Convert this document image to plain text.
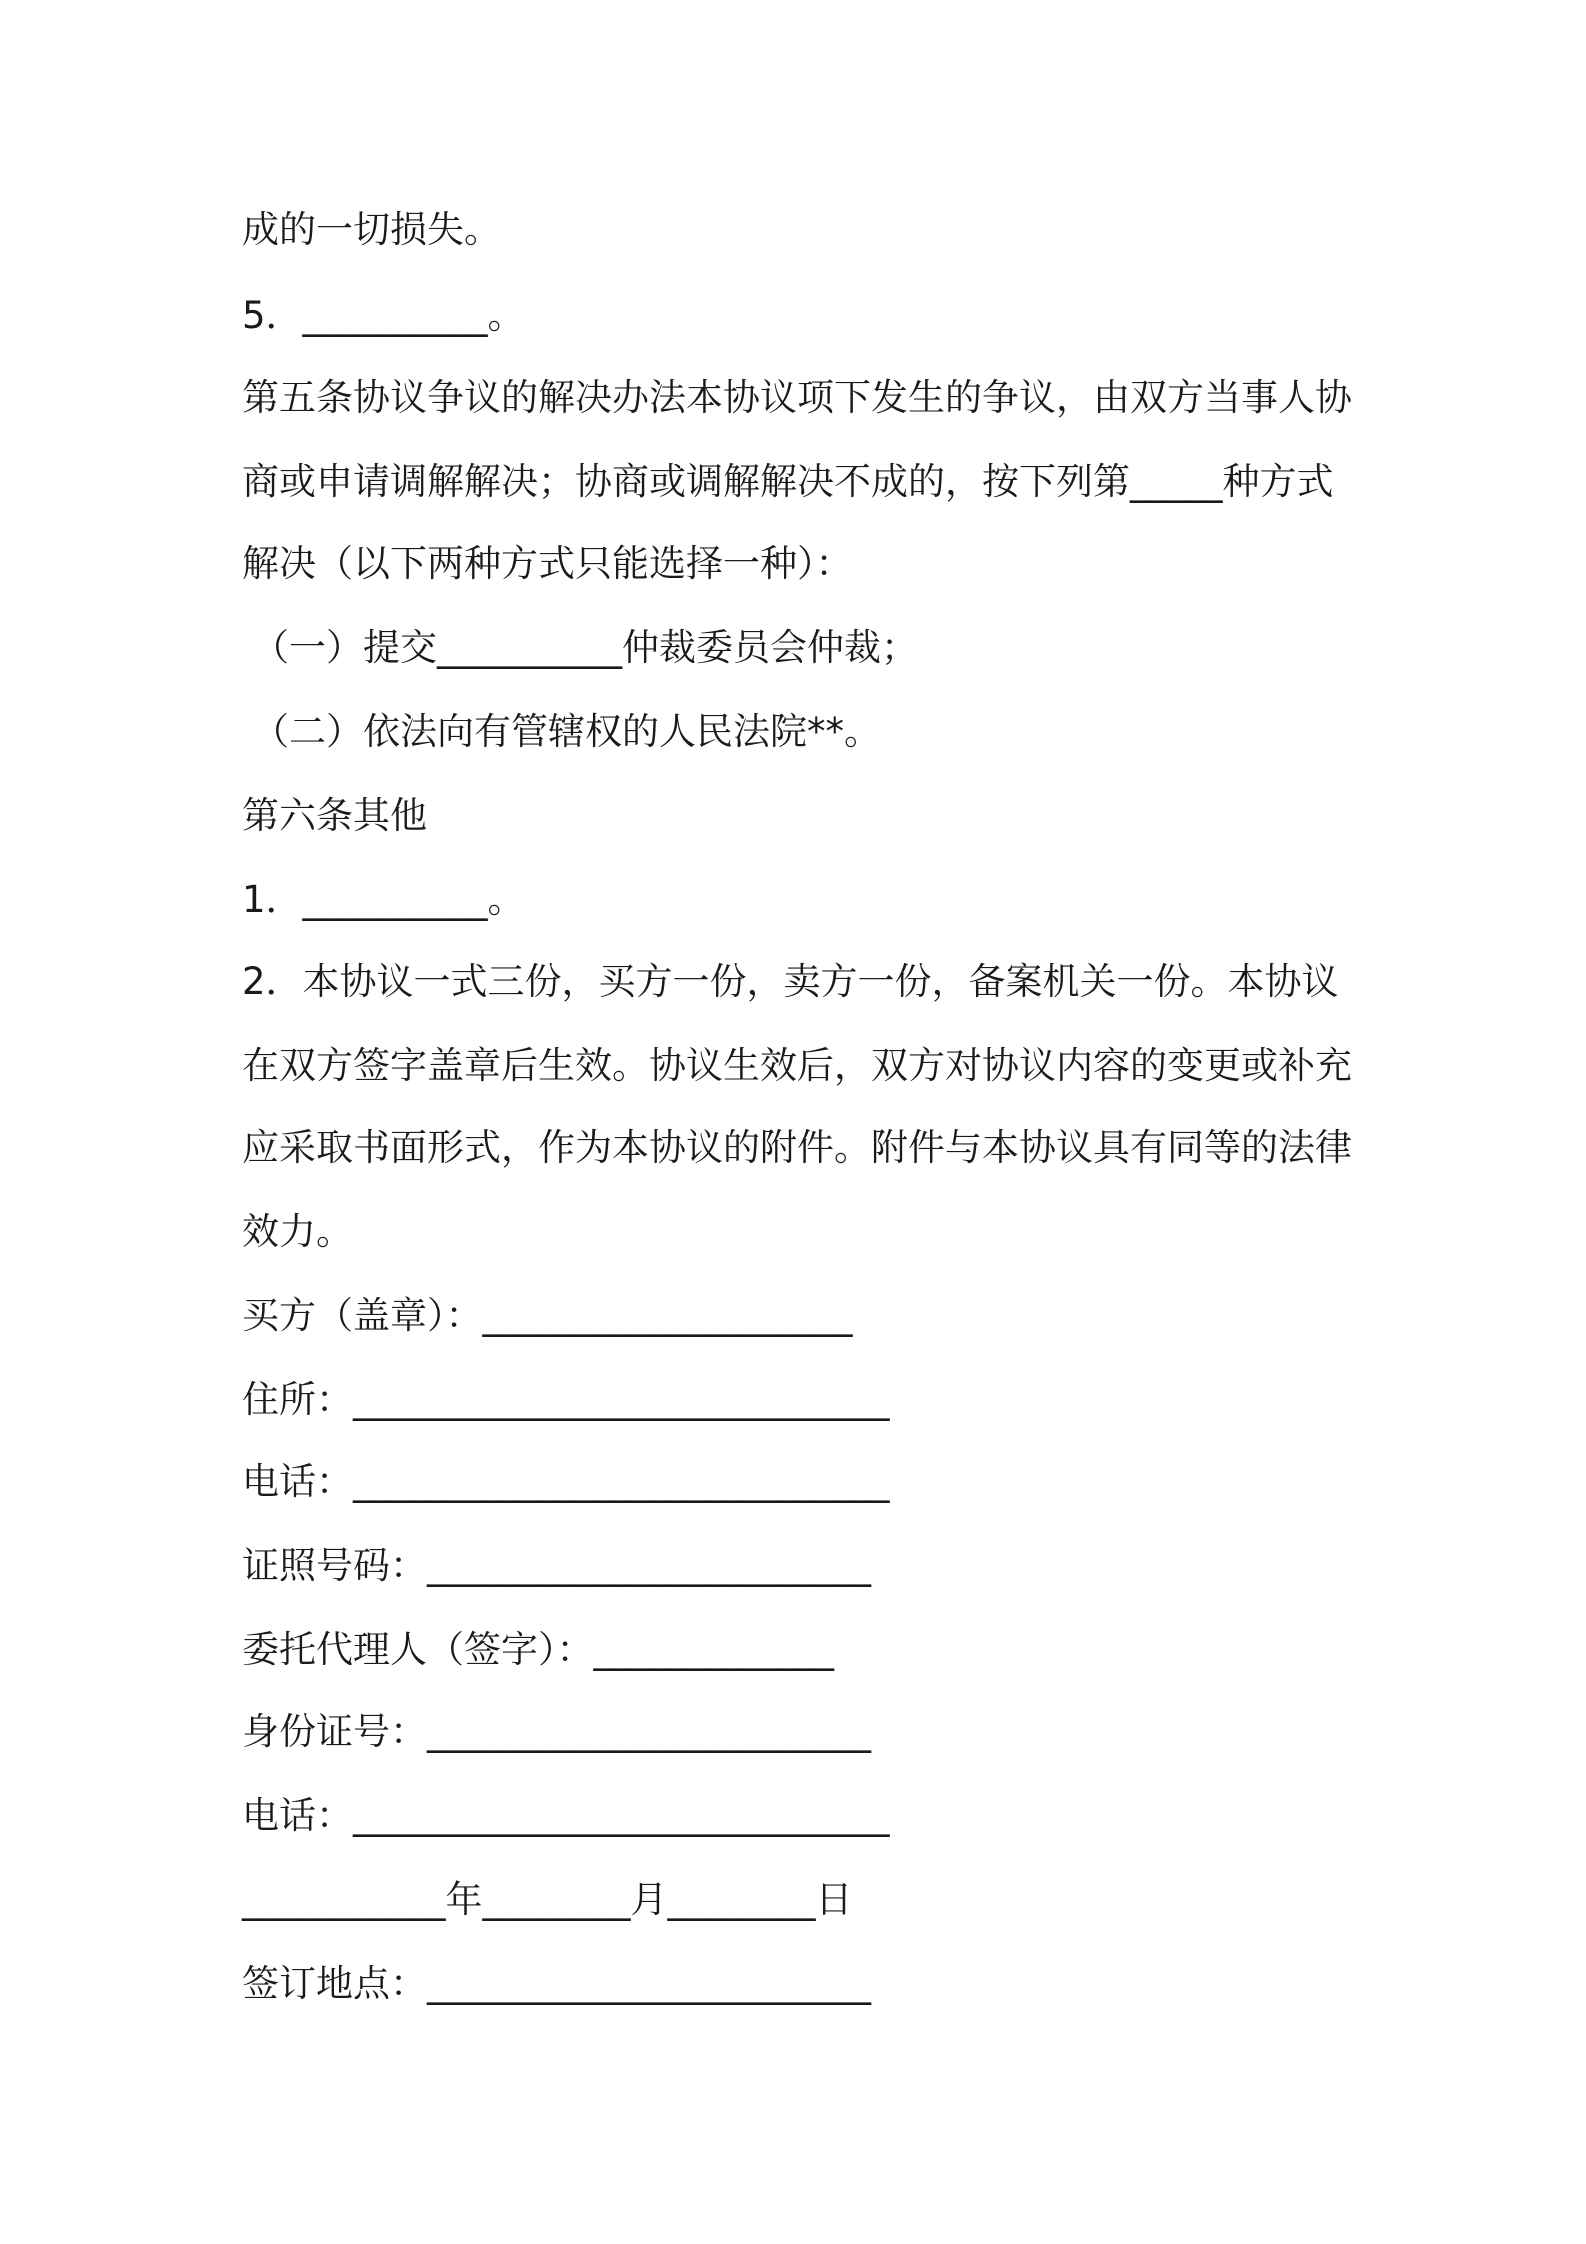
成的一切损失。

5．__________。

第五条协议争议的解决办法本协议项下发生的争议，由双方当事人协

商或申请调解解决；协商或调解解决不成的，按下列第_____种方式

解决（以下两种方式只能选择一种）：

（一）提交__________仲裁委员会仲裁；

（二）依法向有管辖权的人民法院**。

第六条其他

1．__________。

2．本协议一式三份，买方一份，卖方一份，备案机关一份。本协议

在双方签字盖章后生效。协议生效后，双方对协议内容的变更或补充

应采取书面形式，作为本协议的附件。附件与本协议具有同等的法律

效力。

买方（盖章）：____________________

住所：_____________________________

电话：_____________________________

证照号码：________________________

委托代理人（签字）：_____________

身份证号：________________________

电话：_____________________________

___________年________月________日

签订地点：________________________
